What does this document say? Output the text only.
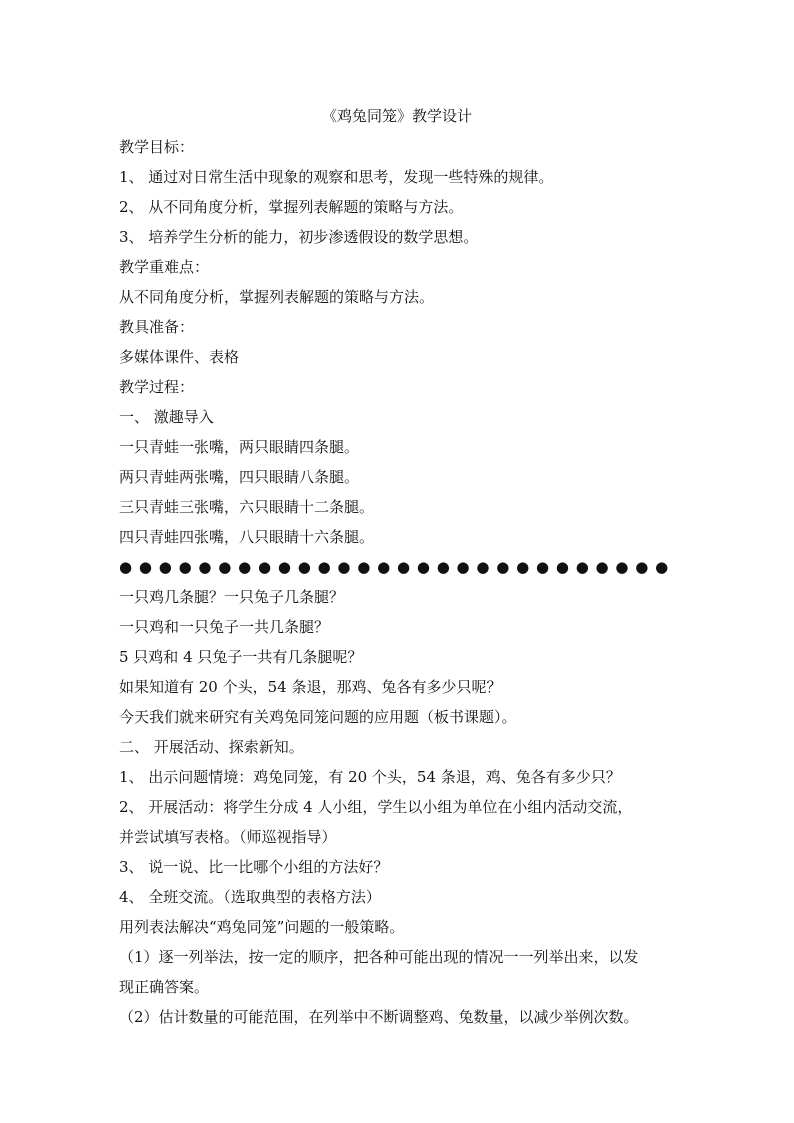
《鸡兔同笼》教学设计
教学目标：
1、 通过对日常生活中现象的观察和思考，发现一些特殊的规律。
2、 从不同角度分析，掌握列表解题的策略与方法。
3、 培养学生分析的能力，初步渗透假设的数学思想。
教学重难点：
从不同角度分析，掌握列表解题的策略与方法。
教具准备：
多媒体课件、表格
教学过程：
一、 激趣导入
一只青蛙一张嘴，两只眼睛四条腿。
两只青蛙两张嘴，四只眼睛八条腿。
三只青蛙三张嘴，六只眼睛十二条腿。
四只青蛙四张嘴，八只眼睛十六条腿。
● ● ● ● ● ● ● ● ● ● ● ● ● ● ● ● ● ● ● ● ● ● ● ● ● ● ● ●
一只鸡几条腿？一只兔子几条腿？
一只鸡和一只兔子一共几条腿？
5 只鸡和 4 只兔子一共有几条腿呢？
如果知道有 20 个头，54 条退，那鸡、兔各有多少只呢？
今天我们就来研究有关鸡兔同笼问题的应用题（板书课题）。
二、 开展活动、探索新知。
1、 出示问题情境：鸡兔同笼，有 20 个头，54 条退，鸡、兔各有多少只？
2、 开展活动：将学生分成 4 人小组，学生以小组为单位在小组内活动交流，
并尝试填写表格。（师巡视指导）
3、 说一说、比一比哪个小组的方法好？
4、 全班交流。（选取典型的表格方法）
用列表法解决“鸡兔同笼”问题的一般策略。
（1）逐一列举法，按一定的顺序，把各种可能出现的情况一一列举出来，以发
现正确答案。
（2）估计数量的可能范围，在列举中不断调整鸡、兔数量，以减少举例次数。
